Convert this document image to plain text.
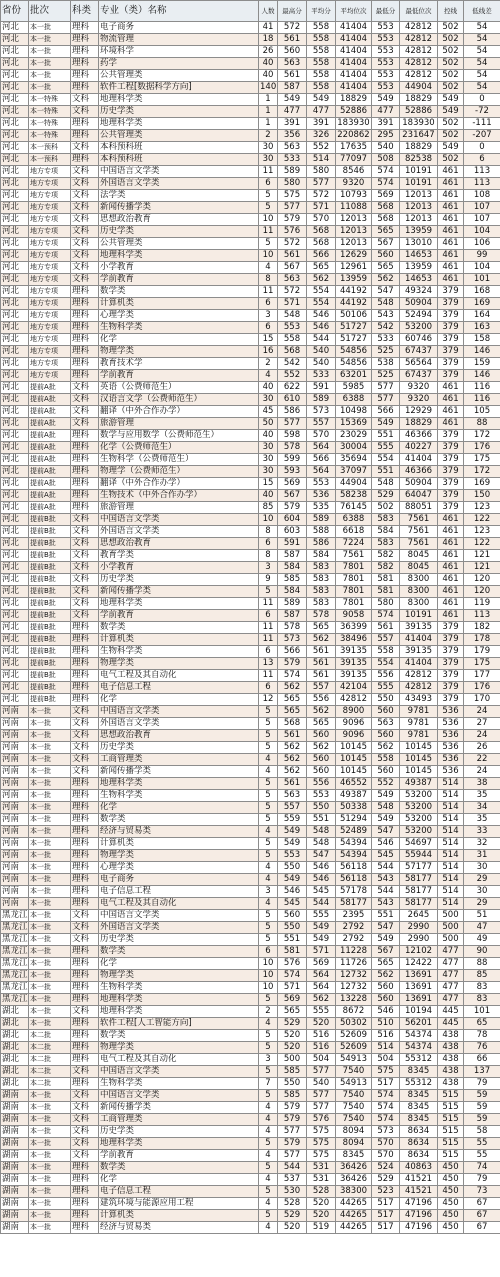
省份	批次	科类	专业（类）名称	人数	最高分	平均分	平均位次	最低分	最低位次	控线	低线差
河北	本一批	理科	电子商务	41	572	558	41404	553	42812	502	54
河北	本一批	理科	物流管理	18	561	558	41404	553	42812	502	54
河北	本一批	理科	环境科学	26	560	558	41404	553	42812	502	54
河北	本一批	理科	药学	40	563	558	41404	553	42812	502	54
河北	本一批	理科	公共管理类	40	561	558	41404	553	42812	502	54
河北	本一批	理科	软件工程[数据科学方向]	140	587	558	41404	553	44904	502	54
河北	本一特殊	文科	地理科学类	1	549	549	18829	549	18829	549	0
河北	本一特殊	文科	历史学类	1	477	477	52886	477	52886	549	-72
河北	本一特殊	理科	地理科学类	1	391	391	183930	391	183930	502	-111
河北	本一特殊	理科	公共管理类	2	356	326	220862	295	231647	502	-207
河北	本一预科	文科	本科预科班	30	563	552	17635	540	18829	549	0
河北	本一预科	理科	本科预科班	30	533	514	77097	508	82538	502	6
河北	地方专项	文科	中国语言文学类	11	589	580	8546	574	10191	461	113
河北	地方专项	文科	外国语言文学类	6	580	577	9320	574	10191	461	113
河北	地方专项	文科	法学类	5	575	572	10793	569	12013	461	108
河北	地方专项	文科	新闻传播学类	5	577	571	11088	568	12013	461	107
河北	地方专项	文科	思想政治教育	10	579	570	12013	568	12013	461	107
河北	地方专项	文科	历史学类	11	576	568	12013	565	13959	461	104
河北	地方专项	文科	公共管理类	5	572	568	12013	567	13010	461	106
河北	地方专项	文科	地理科学类	10	561	566	12629	560	14653	461	99
河北	地方专项	文科	小学教育	4	567	565	12961	565	13959	461	104
河北	地方专项	文科	学前教育	8	563	562	13959	562	14653	461	101
河北	地方专项	理科	数学类	11	572	554	44192	547	49324	379	168
河北	地方专项	理科	计算机类	6	571	554	44192	548	50904	379	169
河北	地方专项	理科	心理学类	3	548	546	50106	543	52494	379	164
河北	地方专项	理科	生物科学类	6	553	546	51727	542	53200	379	163
河北	地方专项	理科	化学	15	558	544	51727	533	60746	379	158
河北	地方专项	理科	物理学类	16	568	540	54856	525	67437	379	146
河北	地方专项	理科	教育技术学	2	542	540	54856	538	56564	379	159
河北	地方专项	理科	学前教育	4	552	533	63201	525	67437	379	146
河北	提前A批	文科	英语（公费师范生）	40	622	591	5985	577	9320	461	116
河北	提前A批	文科	汉语言文学（公费师范生）	30	610	589	6388	577	9320	461	116
河北	提前A批	文科	翻译（中外合作办学）	45	586	573	10498	566	12929	461	105
河北	提前A批	文科	旅游管理	50	577	557	15369	549	18829	461	88
河北	提前A批	理科	数学与应用数学（公费师范生）	40	598	570	23029	551	46366	379	172
河北	提前A批	理科	化学（公费师范生）	30	578	564	30004	555	40227	379	176
河北	提前A批	理科	生物科学（公费师范生）	30	599	566	35694	554	41404	379	175
河北	提前A批	理科	物理学（公费师范生）	30	593	564	37097	551	46366	379	172
河北	提前A批	理科	翻译（中外合作办学）	15	569	553	44904	548	50904	379	169
河北	提前A批	理科	生物技术（中外合作办学）	40	567	536	58238	529	64047	379	150
河北	提前A批	理科	旅游管理	85	579	535	76145	502	88051	379	123
河北	提前B批	文科	中国语言文学类	10	604	589	6388	583	7561	461	122
河北	提前B批	文科	外国语言文学类	8	603	588	6618	584	7561	461	123
河北	提前B批	文科	思想政治教育	6	591	586	7224	583	7561	461	122
河北	提前B批	文科	教育学类	8	587	584	7561	582	8045	461	121
河北	提前B批	文科	小学教育	3	584	583	7801	582	8045	461	121
河北	提前B批	文科	历史学类	9	585	583	7801	581	8300	461	120
河北	提前B批	文科	新闻传播学类	5	584	583	7801	581	8300	461	120
河北	提前B批	文科	地理科学类	11	589	583	7801	580	8300	461	119
河北	提前B批	文科	学前教育	6	587	578	9058	574	10191	461	113
河北	提前B批	理科	数学类	11	578	565	36399	561	39135	379	182
河北	提前B批	理科	计算机类	11	573	562	38496	557	41404	379	178
河北	提前B批	理科	生物科学类	6	566	561	39135	558	39135	379	179
河北	提前B批	理科	物理学类	13	579	561	39135	554	41404	379	175
河北	提前B批	理科	电气工程及其自动化	11	574	561	39135	556	42812	379	177
河北	提前B批	理科	电子信息工程	6	562	557	42104	555	42812	379	176
河北	提前B批	理科	化学	12	565	556	42812	550	43493	379	170
河南	本一批	文科	中国语言文学类	5	565	562	8900	560	9781	536	24
河南	本一批	文科	外国语言文学类	5	568	565	9096	563	9781	536	27
河南	本一批	文科	思想政治教育	5	561	560	9096	560	9781	536	24
河南	本一批	文科	历史学类	5	562	562	10145	562	10145	536	26
河南	本一批	文科	工商管理类	4	562	560	10145	558	10145	536	22
河南	本一批	文科	新闻传播学类	4	562	560	10145	560	10145	536	24
河南	本一批	理科	地理科学类	5	561	556	46552	552	49387	514	38
河南	本一批	理科	生物科学类	5	563	553	49387	549	53200	514	35
河南	本一批	理科	化学	5	557	550	50338	548	53200	514	34
河南	本一批	理科	数学类	5	559	551	51294	549	53200	514	35
河南	本一批	理科	经济与贸易类	4	549	548	52489	547	53200	514	33
河南	本一批	理科	计算机类	5	549	548	54394	546	54697	514	32
河南	本一批	理科	物理学类	5	553	547	54394	545	55944	514	31
河南	本一批	理科	心理学类	4	550	546	56118	544	57177	514	30
河南	本一批	理科	电子商务	4	549	546	56118	543	58177	514	29
河南	本一批	理科	电子信息工程	3	546	545	57178	544	58177	514	30
河南	本一批	理科	电气工程及其自动化	4	545	544	58177	543	58177	514	29
黑龙江	本一批	文科	中国语言文学类	5	560	555	2395	551	2645	500	51
黑龙江	本一批	文科	外国语言文学类	5	550	549	2792	547	2990	500	47
黑龙江	本一批	文科	历史学类	5	551	549	2792	549	2990	500	49
黑龙江	本一批	理科	数学类	6	581	571	11228	567	12102	477	90
黑龙江	本一批	理科	化学	10	576	569	11726	565	12422	477	88
黑龙江	本一批	理科	物理学类	10	574	564	12732	562	13691	477	85
黑龙江	本一批	理科	生物科学类	10	571	564	12732	560	13691	477	83
黑龙江	本一批	理科	地理科学类	5	569	562	13228	560	13691	477	83
湖北	本一批	文科	地理科学类	2	565	555	8672	546	10194	445	101
湖北	本一批	理科	软件工程[人工智能方向]	4	529	520	50302	510	56201	445	65
湖北	本二批	理科	数学类	5	520	516	52609	516	54374	438	78
湖北	本二批	理科	物理学类	5	520	516	52609	514	54374	438	76
湖北	本二批	理科	电气工程及其自动化	3	500	504	54913	504	55312	438	66
湖北	本二批	文科	中国语言文学类	5	585	577	7540	575	8345	438	137
湖北	本二批	理科	生物科学类	7	550	540	54913	517	55312	438	79
湖南	本一批	文科	中国语言文学类	5	585	577	7540	574	8345	515	59
湖南	本一批	文科	新闻传播学类	4	579	577	7540	574	8345	515	59
湖南	本一批	文科	工商管理类	4	579	576	7540	574	8345	515	59
湖南	本一批	文科	历史学类	4	577	575	8094	573	8634	515	58
湖南	本一批	文科	地理科学类	5	579	575	8094	570	8634	515	55
湖南	本一批	文科	学前教育	4	577	575	8345	570	8634	515	55
湖南	本一批	理科	数学类	5	544	531	36426	524	40863	450	74
湖南	本一批	理科	化学	4	537	531	36426	529	41521	450	79
湖南	本一批	理科	电子信息工程	5	530	528	38300	523	41521	450	73
湖南	本一批	理科	建筑环境与能源应用工程	4	528	520	44265	517	47196	450	67
湖南	本一批	理科	计算机类	5	529	520	44265	517	47196	450	67
湖南	本一批	理科	经济与贸易类	4	520	519	44265	517	47196	450	67
